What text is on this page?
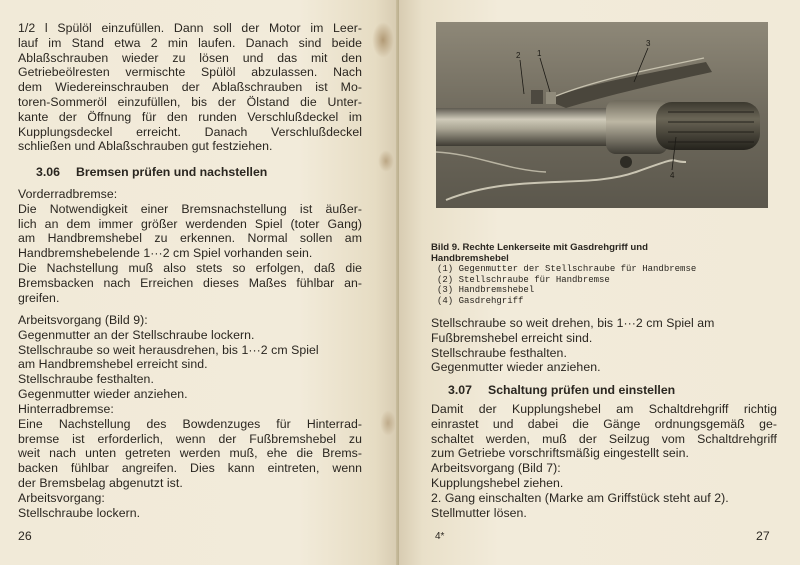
1/2 l Spülöl einzufüllen. Dann soll der Motor im Leer-
lauf im Stand etwa 2 min laufen. Danach sind beide
Ablaßschrauben wieder zu lösen und das mit den
Getriebeölresten vermischte Spülöl abzulassen. Nach
dem Wiedereinschrauben der Ablaßschrauben ist Mo-
toren-Sommeröl einzufüllen, bis der Ölstand die Unter-
kante der Öffnung für den runden Verschlußdeckel im
Kupplungsdeckel erreicht. Danach Verschlußdeckel
schließen und Ablaßschrauben gut festziehen.
3.06 Bremsen prüfen und nachstellen
Vorderradbremse:
Die Notwendigkeit einer Bremsnachstellung ist äußer-
lich an dem immer größer werdenden Spiel (toter Gang)
am Handbremshebel zu erkennen. Normal sollen am
Handbremshebelende 1···2 cm Spiel vorhanden sein.
Die Nachstellung muß also stets so erfolgen, daß die
Bremsbacken nach Erreichen dieses Maßes fühlbar an-
greifen.
Arbeitsvorgang (Bild 9):
Gegenmutter an der Stellschraube lockern.
Stellschraube so weit herausdrehen, bis 1···2 cm Spiel
am Handbremshebel erreicht sind.
Stellschraube festhalten.
Gegenmutter wieder anziehen.
Hinterradbremse:
Eine Nachstellung des Bowdenzuges für Hinterrad-
bremse ist erforderlich, wenn der Fußbremshebel zu
weit nach unten getreten werden muß, ehe die Brems-
backen fühlbar angreifen. Dies kann eintreten, wenn
der Bremsbelag abgenutzt ist.
Arbeitsvorgang:
Stellschraube lockern.
26
2 1
3
4
Bild 9. Rechte Lenkerseite mit Gasdrehgriff und
Handbremshebel
(1) Gegenmutter der Stellschraube für Handbremse
(2) Stellschraube für Handbremse
(3) Handbremshebel
(4) Gasdrehgriff
Stellschraube so weit drehen, bis 1···2 cm Spiel am
Fußbremshebel erreicht sind.
Stellschraube festhalten.
Gegenmutter wieder anziehen.
3.07 Schaltung prüfen und einstellen
Damit der Kupplungshebel am Schaltdrehgriff richtig
einrastet und dabei die Gänge ordnungsgemäß ge-
schaltet werden, muß der Seilzug vom Schaltdrehgriff
zum Getriebe vorschriftsmäßig eingestellt sein.
Arbeitsvorgang (Bild 7):
Kupplungshebel ziehen.
2. Gang einschalten (Marke am Griffstück steht auf 2).
Stellmutter lösen.
4*	27
